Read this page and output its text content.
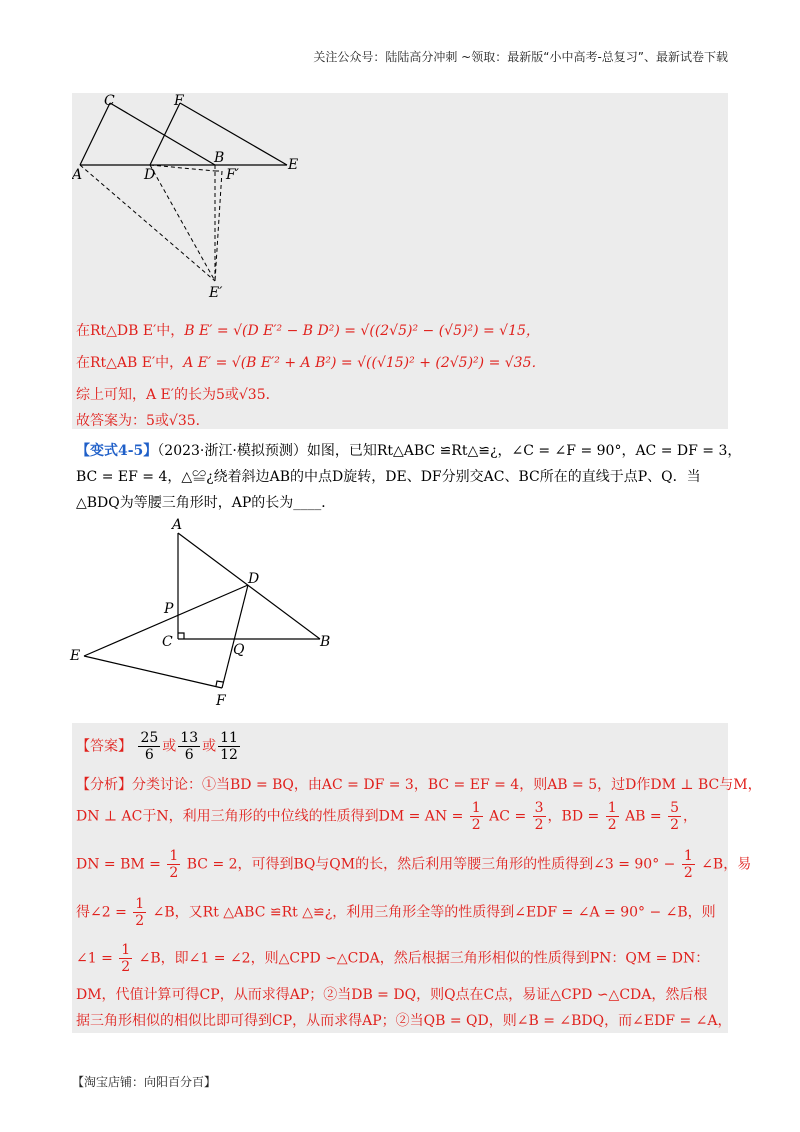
关注公众号：陆陆高分冲刺 ~领取：最新版“小中高考-总复习”、最新试卷下载
C	F
A	D
B
F′
E
E′
在Rt△DB E′中，B E′ = √(D E′² − B D²) = √((2√5)² − (√5)²) = √15，
在Rt△AB E′中，A E′ = √(B E′² + A B²) = √((√15)² + (2√5)²) = √35．
综上可知，A E′的长为5或√35．
故答案为：5或√35．
【变式4-5】（2023·浙江·模拟预测）如图，已知Rt△ABC ≌Rt△≌¿，∠C = ∠F = 90°，AC = DF = 3，
BC = EF = 4，△≌¿绕着斜边AB的中点D旋转，DE、DF分别交AC、BC所在的直线于点P、Q．当
△BDQ为等腰三角形时，AP的长为____．
A
D
P
C	Q	B
E
F
【答案】 $\frac{25}{6}$ 或 $\frac{13}{6}$ 或 $\frac{11}{12}$
【分析】分类讨论：①当BD = BQ，由AC = DF = 3，BC = EF = 4，则AB = 5，过D作DM ⊥ BC与M，
DN ⊥ AC于N，利用三角形的中位线的性质得到DM = AN = $\frac{1}{2}$ AC = $\frac{3}{2}$ ，BD = $\frac{1}{2}$ AB = $\frac{5}{2}$ ，
DN = BM = $\frac{1}{2}$ BC = 2，可得到BQ与QM的长，然后利用等腰三角形的性质得到∠3 = $90^\circ - \frac{1}{2}$ ∠B，易
得∠2 = $\frac{1}{2}$ ∠B，又Rt △ABC ≌Rt △≌¿，利用三角形全等的性质得到∠EDF = ∠A = 90° − ∠B，则
∠1 = $\frac{1}{2}$ ∠B，即∠1 = ∠2，则△CPD ∽△CDA，然后根据三角形相似的性质得到PN：QM = DN：
DM，代值计算可得CP，从而求得AP；②当DB = DQ，则Q点在C点，易证△CPD ∽△CDA，然后根
据三角形相似的相似比即可得到CP，从而求得AP；②当QB = QD，则∠B = ∠BDQ，而∠EDF = ∠A，
【淘宝店铺：向阳百分百】
